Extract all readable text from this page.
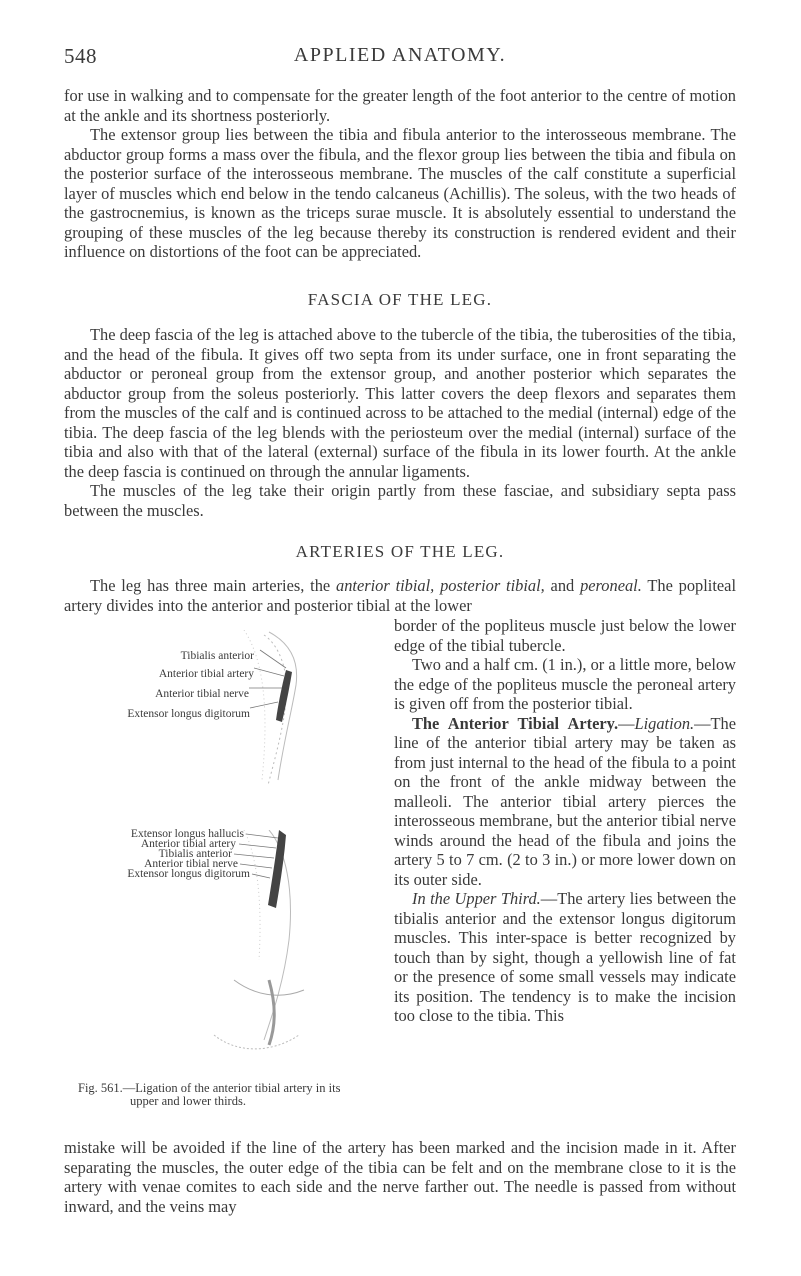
548	APPLIED ANATOMY.

for use in walking and to compensate for the greater length of the foot anterior to the centre of motion at the ankle and its shortness posteriorly.

The extensor group lies between the tibia and fibula anterior to the interosseous membrane. The abductor group forms a mass over the fibula, and the flexor group lies between the tibia and fibula on the posterior surface of the interosseous membrane. The muscles of the calf constitute a superficial layer of muscles which end below in the tendo calcaneus (Achillis). The soleus, with the two heads of the gastrocnemius, is known as the triceps surae muscle. It is absolutely essential to understand the grouping of these muscles of the leg because thereby its construction is rendered evident and their influence on distortions of the foot can be appreciated.

FASCIA OF THE LEG.

The deep fascia of the leg is attached above to the tubercle of the tibia, the tuberosities of the tibia, and the head of the fibula. It gives off two septa from its under surface, one in front separating the abductor or peroneal group from the extensor group, and another posterior which separates the abductor group from the soleus posteriorly. This latter covers the deep flexors and separates them from the muscles of the calf and is continued across to be attached to the medial (internal) edge of the tibia. The deep fascia of the leg blends with the periosteum over the medial (internal) surface of the tibia and also with that of the lateral (external) surface of the fibula in its lower fourth. At the ankle the deep fascia is continued on through the annular ligaments.

The muscles of the leg take their origin partly from these fasciae, and subsidiary septa pass between the muscles.

ARTERIES OF THE LEG.

The leg has three main arteries, the anterior tibial, posterior tibial, and peroneal. The popliteal artery divides into the anterior and posterior tibial at the lower

border of the popliteus muscle just below the lower edge of the tibial tubercle.

Two and a half cm. (1 in.), or a little more, below the edge of the popliteus muscle the peroneal artery is given off from the posterior tibial.

The Anterior Tibial Artery.—Ligation.—The line of the anterior tibial artery may be taken as from just internal to the head of the fibula to a point on the front of the ankle midway between the malleoli. The anterior tibial artery pierces the interosseous membrane, but the anterior tibial nerve winds around the head of the fibula and joins the artery 5 to 7 cm. (2 to 3 in.) or more lower down on its outer side.

In the Upper Third.—The artery lies between the tibialis anterior and the extensor longus digitorum muscles. This inter-space is better recognized by touch than by sight, though a yellowish line of fat or the presence of some small vessels may indicate its position. The tendency is to make the incision too close to the tibia. This

Tibialis anterior
Anterior tibial artery
Anterior tibial nerve
Extensor longus digitorum
Extensor longus hallucis
Anterior tibial artery
Tibialis anterior
Anterior tibial nerve
Extensor longus digitorum
Fig. 561.—Ligation of the anterior tibial artery in its
upper and lower thirds.

mistake will be avoided if the line of the artery has been marked and the incision made in it. After separating the muscles, the outer edge of the tibia can be felt and on the membrane close to it is the artery with venae comites to each side and the nerve farther out. The needle is passed from without inward, and the veins may
